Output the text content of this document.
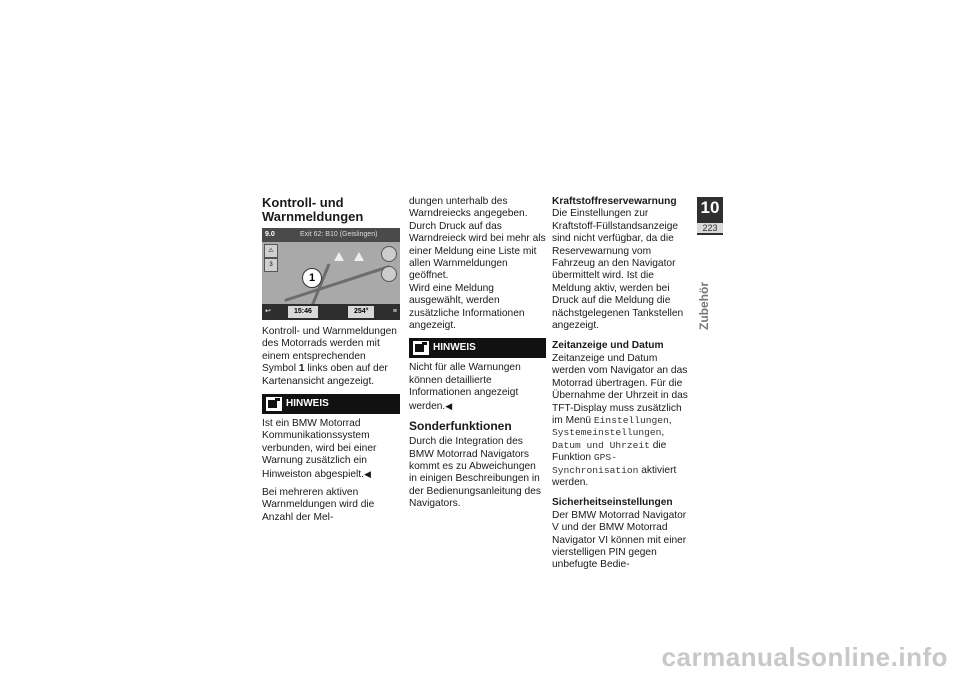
Kontroll- und Warnmeldungen
9.0	Exit 62: B10 (Geislingen)
⚠
3
1
↩	15:46	254°	≡

Kontroll- und Warnmeldungen des Motorrads werden mit einem entsprechenden Symbol 1 links oben auf der Kartenansicht angezeigt.

HINWEIS

Ist ein BMW Motorrad Kommunikationssystem verbunden, wird bei einer Warnung zusätzlich ein Hinweiston abgespielt.◀

Bei mehreren aktiven Warnmeldungen wird die Anzahl der Mel-

dungen unterhalb des Warndreiecks angegeben.

Durch Druck auf das Warndreieck wird bei mehr als einer Meldung eine Liste mit allen Warnmeldungen geöffnet.

Wird eine Meldung ausgewählt, werden zusätzliche Informationen angezeigt.

HINWEIS

Nicht für alle Warnungen können detaillierte Informationen angezeigt werden.◀

Sonderfunktionen

Durch die Integration des BMW Motorrad Navigators kommt es zu Abweichungen in einigen Beschreibungen in der Bedienungsanleitung des Navigators.

Kraftstoffreservewarnung

Die Einstellungen zur Kraftstoff-Füllstandsanzeige sind nicht verfügbar, da die Reservewarnung vom Fahrzeug an den Navigator übermittelt wird. Ist die Meldung aktiv, werden bei Druck auf die Meldung die nächstgelegenen Tankstellen angezeigt.

Zeitanzeige und Datum

Zeitanzeige und Datum werden vom Navigator an das Motorrad übertragen. Für die Übernahme der Uhrzeit in das TFT-Display muss zusätzlich im Menü Einstellungen, Systemeinstellungen, Datum und Uhrzeit die Funktion GPS-Synchronisation aktiviert werden.

Sicherheitseinstellungen

Der BMW Motorrad Navigator V und der BMW Motorrad Navigator VI können mit einer vierstelligen PIN gegen unbefugte Bedie-

10
223
Zubehör
carmanualsonline.info
